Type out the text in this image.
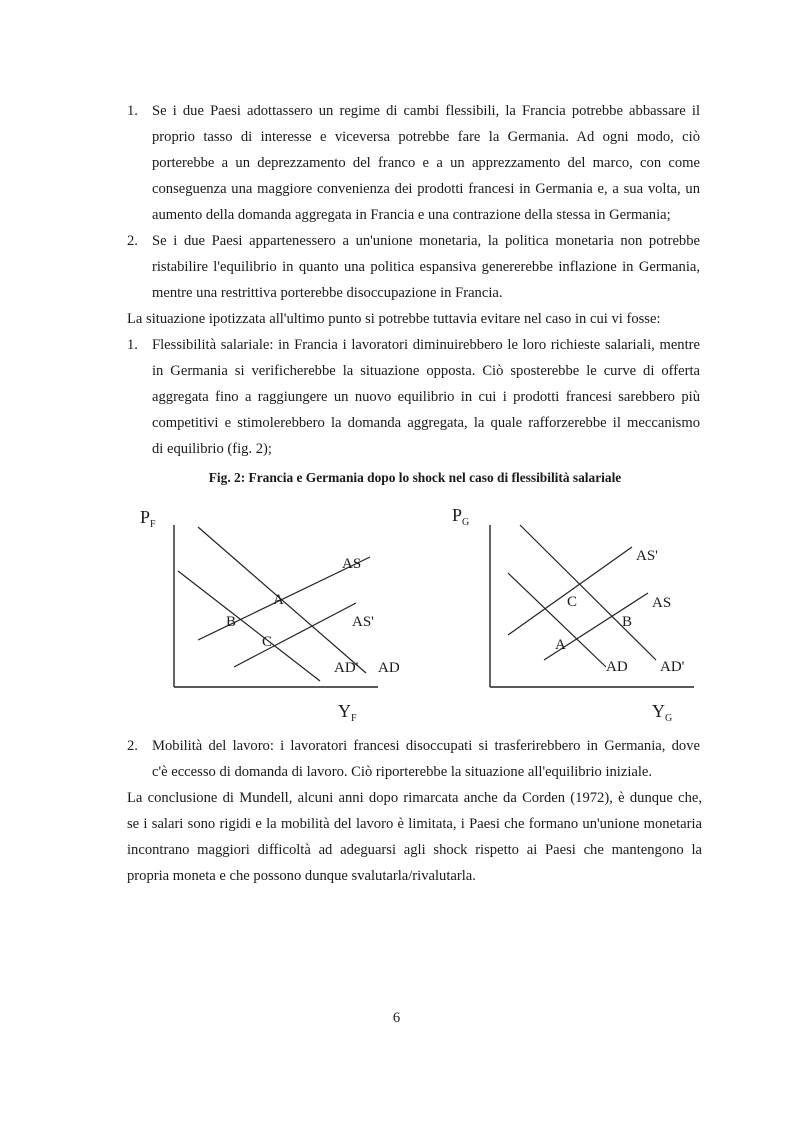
1. Se i due Paesi adottassero un regime di cambi flessibili, la Francia potrebbe abbassare il
proprio tasso di interesse e viceversa potrebbe fare la Germania. Ad ogni modo, ciò
porterebbe a un deprezzamento del franco e a un apprezzamento del marco, con come
conseguenza una maggiore convenienza dei prodotti francesi in Germania e, a sua volta, un
aumento della domanda aggregata in Francia e una contrazione della stessa in Germania;
2. Se i due Paesi appartenessero a un'unione monetaria, la politica monetaria non potrebbe
ristabilire l'equilibrio in quanto una politica espansiva genererebbe inflazione in Germania,
mentre una restrittiva porterebbe disoccupazione in Francia.
La situazione ipotizzata all'ultimo punto si potrebbe tuttavia evitare nel caso in cui vi fosse:
1. Flessibilità salariale: in Francia i lavoratori diminuirebbero le loro richieste salariali, mentre
in Germania si verificherebbe la situazione opposta. Ciò sposterebbe le curve di offerta
aggregata fino a raggiungere un nuovo equilibrio in cui i prodotti francesi sarebbero più
competitivi e stimolerebbero la domanda aggregata, la quale rafforzerebbe il meccanismo
di equilibrio (fig. 2);
Fig. 2: Francia e Germania dopo lo shock nel caso di flessibilità salariale
$P_F$
$Y_F$
AS
AS'
AD' AD
A
B
C
$P_G$
$Y_G$
AS'
AS
AD AD'
A
B
C
2. Mobilità del lavoro: i lavoratori francesi disoccupati si trasferirebbero in Germania, dove
c'è eccesso di domanda di lavoro. Ciò riporterebbe la situazione all'equilibrio iniziale.
La conclusione di Mundell, alcuni anni dopo rimarcata anche da Corden (1972), è dunque che,
se i salari sono rigidi e la mobilità del lavoro è limitata, i Paesi che formano un'unione monetaria
incontrano maggiori difficoltà ad adeguarsi agli shock rispetto ai Paesi che mantengono la
propria moneta e che possono dunque svalutarla/rivalutarla.
6
